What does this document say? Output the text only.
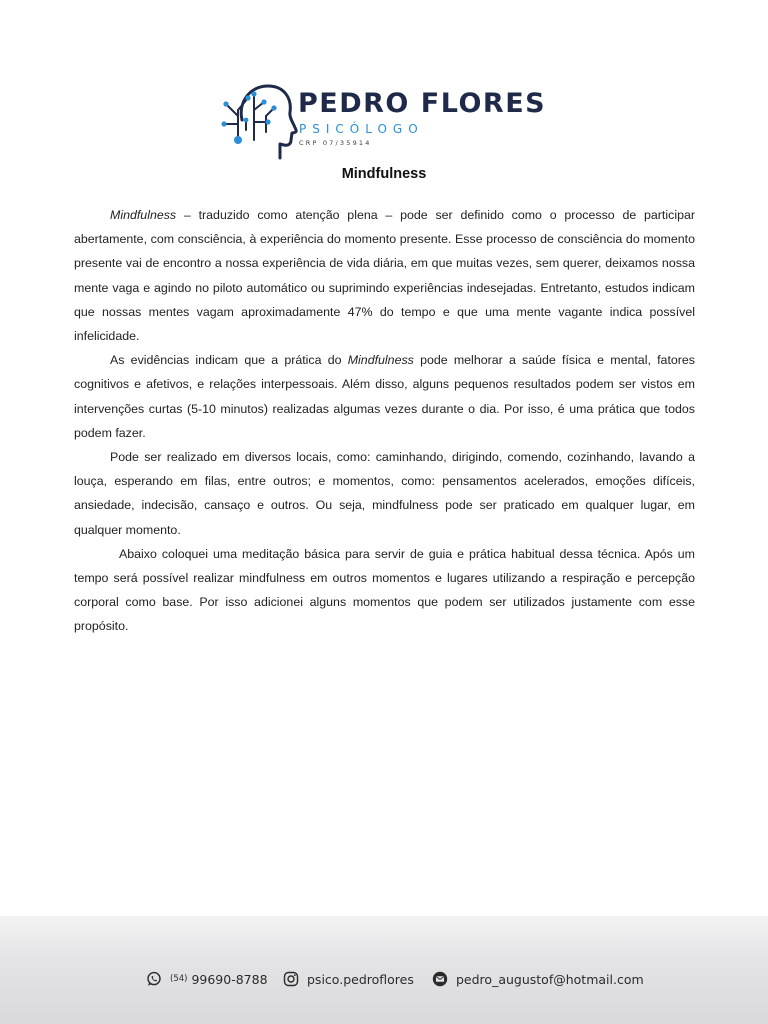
PEDRO FLORES
PSICÓLOGO
CRP 07/35914
Mindfulness

Mindfulness – traduzido como atenção plena – pode ser definido como o processo de participar abertamente, com consciência, à experiência do momento presente. Esse processo de consciência do momento presente vai de encontro a nossa experiência de vida diária, em que muitas vezes, sem querer, deixamos nossa mente vaga e agindo no piloto automático ou suprimindo experiências indesejadas. Entretanto, estudos indicam que nossas mentes vagam aproximadamente 47% do tempo e que uma mente vagante indica possível infelicidade.

As evidências indicam que a prática do Mindfulness pode melhorar a saúde física e mental, fatores cognitivos e afetivos, e relações interpessoais. Além disso, alguns pequenos resultados podem ser vistos em intervenções curtas (5-10 minutos) realizadas algumas vezes durante o dia. Por isso, é uma prática que todos podem fazer.

Pode ser realizado em diversos locais, como: caminhando, dirigindo, comendo, cozinhando, lavando a louça, esperando em filas, entre outros; e momentos, como: pensamentos acelerados, emoções difíceis, ansiedade, indecisão, cansaço e outros. Ou seja, mindfulness pode ser praticado em qualquer lugar, em qualquer momento.

Abaixo coloquei uma meditação básica para servir de guia e prática habitual dessa técnica. Após um tempo será possível realizar mindfulness em outros momentos e lugares utilizando a respiração e percepção corporal como base. Por isso adicionei alguns momentos que podem ser utilizados justamente com esse propósito.

(54) 99690-8788	psico.pedroflores	pedro_augustof@hotmail.com
